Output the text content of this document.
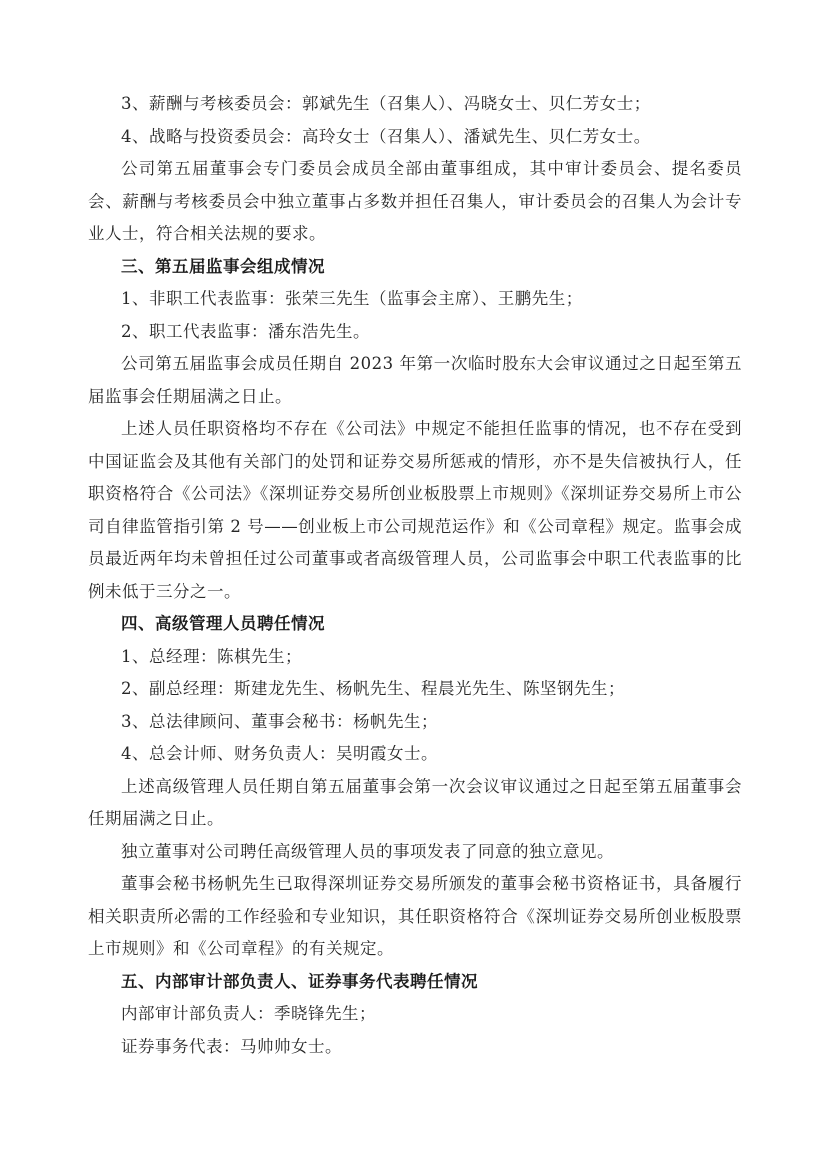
3、薪酬与考核委员会：郭斌先生（召集人）、冯晓女士、贝仁芳女士；

4、战略与投资委员会：高玲女士（召集人）、潘斌先生、贝仁芳女士。

公司第五届董事会专门委员会成员全部由董事组成，其中审计委员会、提名委员会、薪酬与考核委员会中独立董事占多数并担任召集人，审计委员会的召集人为会计专业人士，符合相关法规的要求。

三、第五届监事会组成情况

1、非职工代表监事：张荣三先生（监事会主席）、王鹏先生；

2、职工代表监事：潘东浩先生。

公司第五届监事会成员任期自 2023 年第一次临时股东大会审议通过之日起至第五届监事会任期届满之日止。

上述人员任职资格均不存在《公司法》中规定不能担任监事的情况，也不存在受到中国证监会及其他有关部门的处罚和证券交易所惩戒的情形，亦不是失信被执行人，任职资格符合《公司法》《深圳证券交易所创业板股票上市规则》《深圳证券交易所上市公司自律监管指引第 2 号——创业板上市公司规范运作》和《公司章程》规定。监事会成员最近两年均未曾担任过公司董事或者高级管理人员，公司监事会中职工代表监事的比例未低于三分之一。

四、高级管理人员聘任情况

1、总经理：陈棋先生；

2、副总经理：斯建龙先生、杨帆先生、程晨光先生、陈坚钢先生；

3、总法律顾问、董事会秘书：杨帆先生；

4、总会计师、财务负责人：吴明霞女士。

上述高级管理人员任期自第五届董事会第一次会议审议通过之日起至第五届董事会任期届满之日止。

独立董事对公司聘任高级管理人员的事项发表了同意的独立意见。

董事会秘书杨帆先生已取得深圳证券交易所颁发的董事会秘书资格证书，具备履行相关职责所必需的工作经验和专业知识，其任职资格符合《深圳证券交易所创业板股票上市规则》和《公司章程》的有关规定。

五、内部审计部负责人、证券事务代表聘任情况

内部审计部负责人：季晓锋先生；

证券事务代表：马帅帅女士。
